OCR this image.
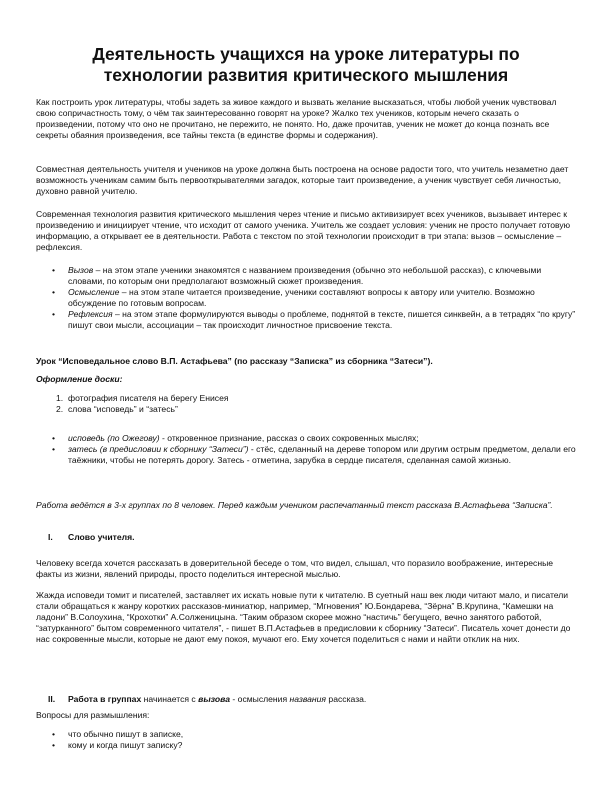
Деятельность учащихся на уроке литературы по технологии развития критического мышления

Как построить урок литературы, чтобы задеть за живое каждого и вызвать желание высказаться, чтобы любой ученик чувствовал свою сопричастность тому, о чём так заинтересованно говорят на уроке? Жалко тех учеников, которым нечего сказать о произведении, потому что оно не прочитано, не пережито, не понято. Но, даже прочитав, ученик не может до конца познать все секреты обаяния произведения, все тайны текста (в единстве формы и содержания).

Совместная деятельность учителя и учеников на уроке должна быть построена на основе радости того, что учитель незаметно дает возможность ученикам самим быть первооткрывателями загадок, которые таит произведение, а ученик чувствует себя личностью, духовно равной учителю.

Современная технология развития критического мышления через чтение и письмо активизирует всех учеников, вызывает интерес к произведению и инициирует чтение, что исходит от самого ученика. Учитель же создает условия: ученик не просто получает готовую информацию, а открывает ее в деятельности. Работа с текстом по этой технологии происходит в три этапа: вызов – осмысление – рефлексия.

• Вызов – на этом этапе ученики знакомятся с названием произведения (обычно это небольшой рассказ), с ключевыми словами, по которым они предполагают возможный сюжет произведения.
• Осмысление – на этом этапе читается произведение, ученики составляют вопросы к автору или учителю. Возможно обсуждение по готовым вопросам.
• Рефлексия – на этом этапе формулируются выводы о проблеме, поднятой в тексте, пишется синквейн, а в тетрадях “по кругу” пишут свои мысли, ассоциации – так происходит личностное присвоение текста.

Урок “Исповедальное слово В.П. Астафьева” (по рассказу “Записка” из сборника “Затеси”).

Оформление доски:

1. фотография писателя на берегу Енисея
2. слова “исповедь” и “затесь”
• исповедь (по Ожегову) - откровенное признание, рассказ о своих сокровенных мыслях;
• затесь (в предисловии к сборнику “Затеси”) - стёс, сделанный на дереве топором или другим острым предметом, делали его таёжники, чтобы не потерять дорогу. Затесь - отметина, зарубка в сердце писателя, сделанная самой жизнью.

Работа ведётся в 3-х группах по 8 человек. Перед каждым учеником распечатанный текст рассказа В.Астафьева “Записка”.

I. Слово учителя.

Человеку всегда хочется рассказать в доверительной беседе о том, что видел, слышал, что поразило воображение, интересные факты из жизни, явлений природы, просто поделиться интересной мыслью.

Жажда исповеди томит и писателей, заставляет их искать новые пути к читателю. В суетный наш век люди читают мало, и писатели стали обращаться к жанру коротких рассказов-миниатюр, например, “Мгновения” Ю.Бондарева, “Зёрна” В.Крупина, “Камешки на ладони” В.Солоухина, “Крохотки” А.Солженицына. “Таким образом скорее можно “настичь” бегущего, вечно занятого работой, “затурканного” бытом современного читателя”, - пишет В.П.Астафьев в предисловии к сборнику “Затеси”. Писатель хочет донести до нас сокровенные мысли, которые не дают ему покоя, мучают его. Ему хочется поделиться с нами и найти отклик на них.

II. Работа в группах начинается с вызова - осмысления названия рассказа.

Вопросы для размышления:

• что обычно пишут в записке,
• кому и когда пишут записку?
